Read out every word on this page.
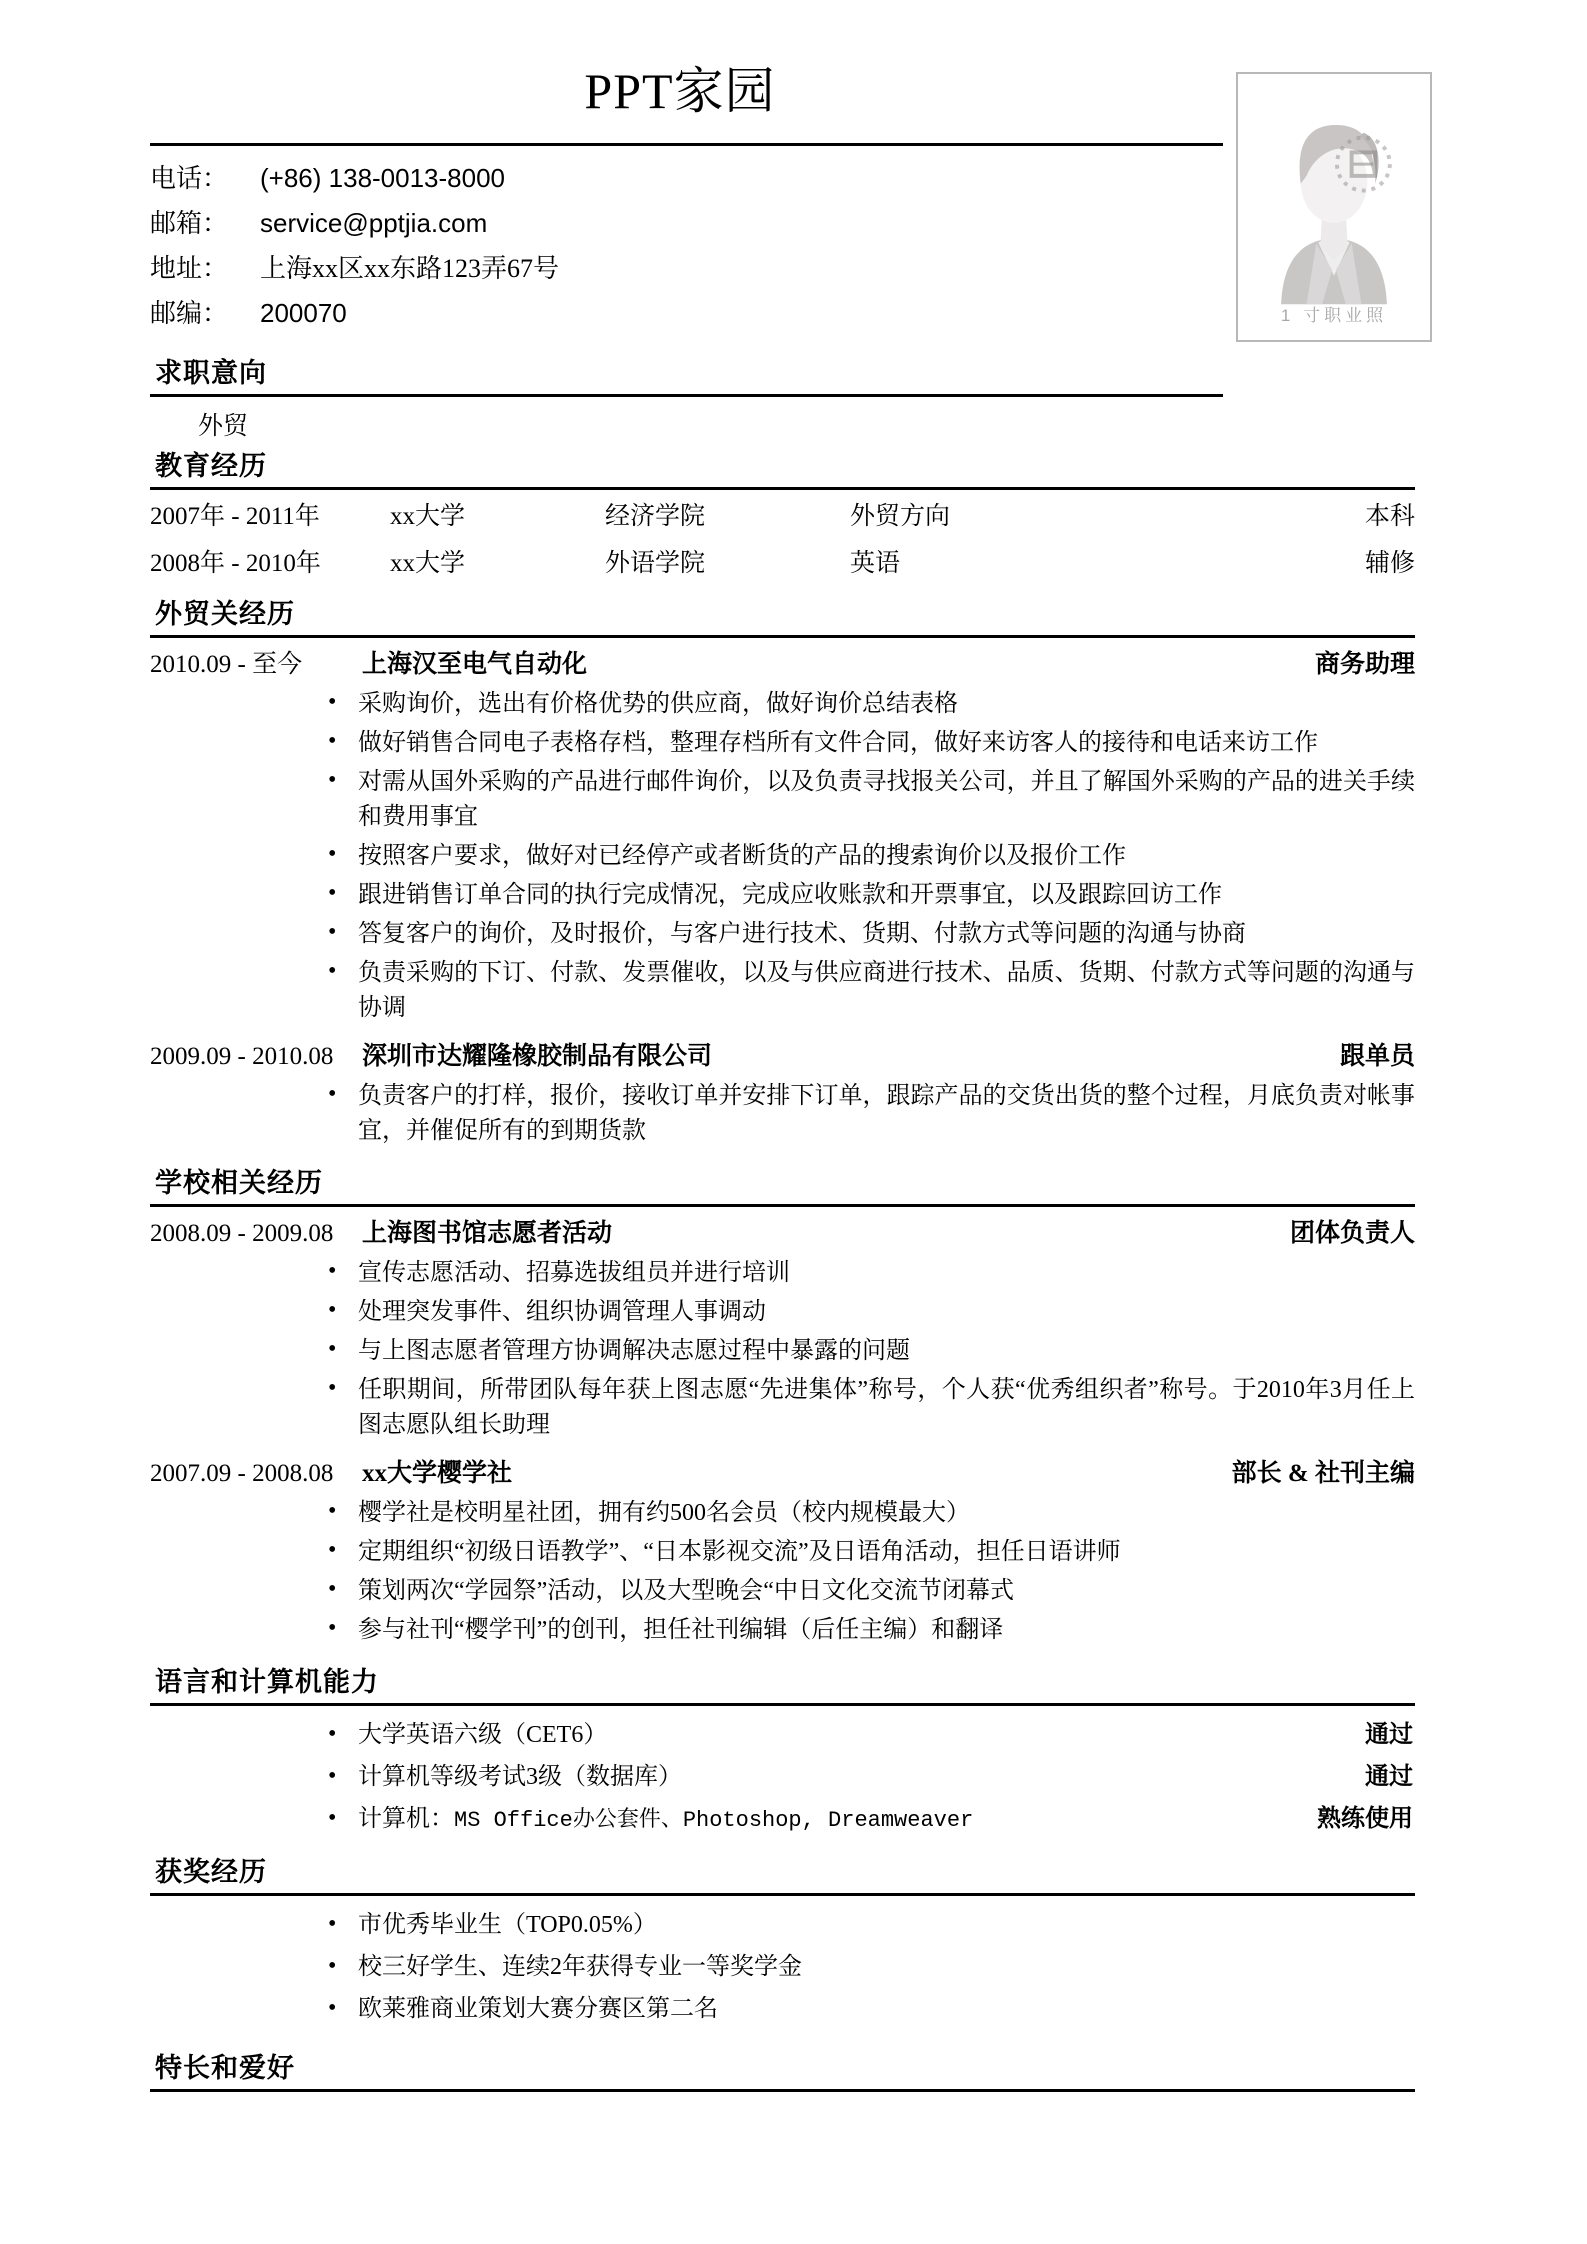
PPT家园
1 寸职业照
电话：	(+86) 138-0013-8000
邮箱：	service@pptjia.com
地址：	上海xx区xx东路123弄67号
邮编：	200070
求职意向
外贸
教育经历
2007年 - 2011年	xx大学	经济学院	外贸方向	本科
2008年 - 2010年	xx大学	外语学院	英语	辅修
外贸关经历
2010.09 - 至今	上海汉至电气自动化	商务助理
• 采购询价，选出有价格优势的供应商，做好询价总结表格
• 做好销售合同电子表格存档，整理存档所有文件合同，做好来访客人的接待和电话来访工作
• 对需从国外采购的产品进行邮件询价，以及负责寻找报关公司，并且了解国外采购的产品的进关手续和费用事宜
• 按照客户要求，做好对已经停产或者断货的产品的搜索询价以及报价工作
• 跟进销售订单合同的执行完成情况，完成应收账款和开票事宜，以及跟踪回访工作
• 答复客户的询价，及时报价，与客户进行技术、货期、付款方式等问题的沟通与协商
• 负责采购的下订、付款、发票催收，以及与供应商进行技术、品质、货期、付款方式等问题的沟通与协调
2009.09 - 2010.08	深圳市达耀隆橡胶制品有限公司	跟单员
• 负责客户的打样，报价，接收订单并安排下订单，跟踪产品的交货出货的整个过程，月底负责对帐事宜，并催促所有的到期货款
学校相关经历
2008.09 - 2009.08	上海图书馆志愿者活动	团体负责人
• 宣传志愿活动、招募选拔组员并进行培训
• 处理突发事件、组织协调管理人事调动
• 与上图志愿者管理方协调解决志愿过程中暴露的问题
• 任职期间，所带团队每年获上图志愿“先进集体”称号，个人获“优秀组织者”称号。于2010年3月任上图志愿队组长助理
2007.09 - 2008.08	xx大学樱学社	部长 & 社刊主编
• 樱学社是校明星社团，拥有约500名会员（校内规模最大）
• 定期组织“初级日语教学”、“日本影视交流”及日语角活动，担任日语讲师
• 策划两次“学园祭”活动，以及大型晚会“中日文化交流节闭幕式
• 参与社刊“樱学刊”的创刊，担任社刊编辑（后任主编）和翻译
语言和计算机能力
• 大学英语六级（CET6）	通过
• 计算机等级考试3级（数据库）	通过
• 计算机：MS Office办公套件、Photoshop, Dreamweaver	熟练使用
获奖经历
• 市优秀毕业生（TOP0.05%）
• 校三好学生、连续2年获得专业一等奖学金
• 欧莱雅商业策划大赛分赛区第二名
特长和爱好
